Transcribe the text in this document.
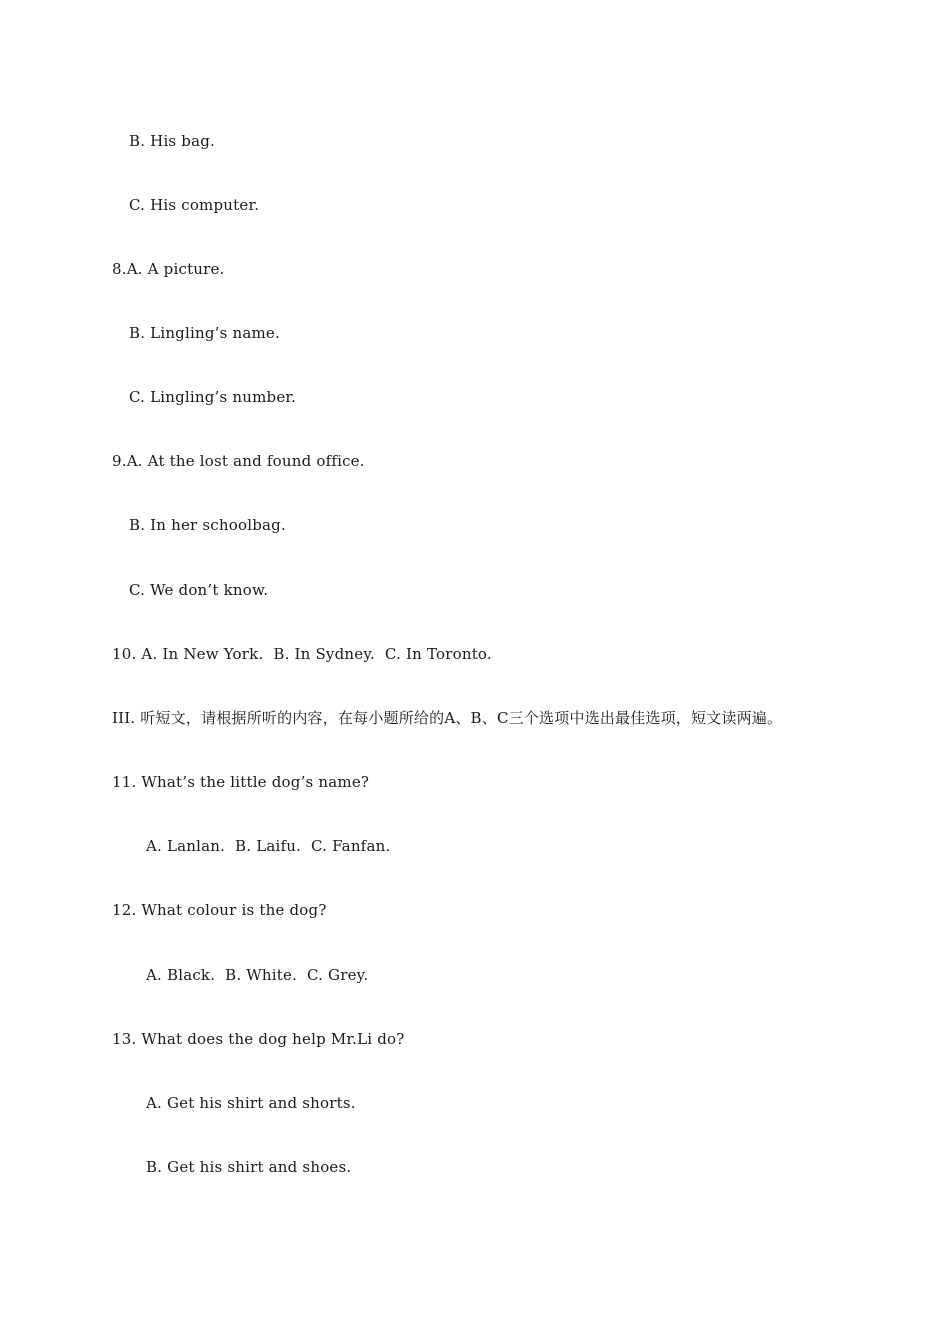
B. His bag.
C. His computer.
8.A. A picture.
B. Lingling’s name.
C. Lingling’s number.
9.A. At the lost and found office.
B. In her schoolbag.
C. We don’t know.
10. A. In New York.  B. In Sydney.  C. In Toronto.
III. 听短文，请根据所听的内容，在每小题所给的A、B、C三个选项中选出最佳选项，短文读两遍。
11. What’s the little dog’s name?
A. Lanlan.  B. Laifu.  C. Fanfan.
12. What colour is the dog?
A. Black.  B. White.  C. Grey.
13. What does the dog help Mr.Li do?
A. Get his shirt and shorts.
B. Get his shirt and shoes.
